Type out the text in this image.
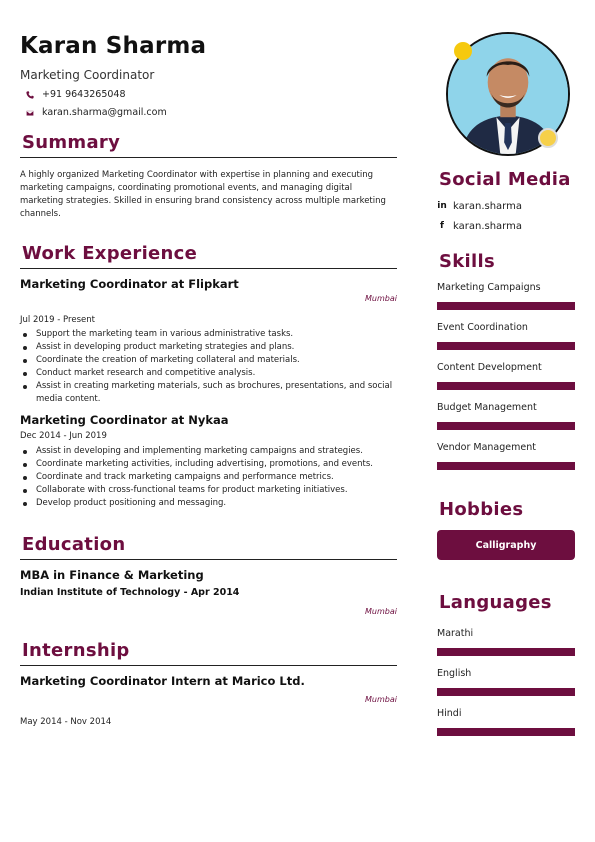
Karan Sharma
Marketing Coordinator
+91 9643265048
karan.sharma@gmail.com
Summary
A highly organized Marketing Coordinator with expertise in planning and executing marketing campaigns, coordinating promotional events, and managing digital marketing strategies. Skilled in ensuring brand consistency across multiple marketing channels.
Work Experience
Marketing Coordinator at Flipkart
Mumbai
Jul 2019 - Present
Support the marketing team in various administrative tasks.
Assist in developing product marketing strategies and plans.
Coordinate the creation of marketing collateral and materials.
Conduct market research and competitive analysis.
Assist in creating marketing materials, such as brochures, presentations, and social media content.
Marketing Coordinator at Nykaa
Dec 2014 - Jun 2019
Assist in developing and implementing marketing campaigns and strategies.
Coordinate marketing activities, including advertising, promotions, and events.
Coordinate and track marketing campaigns and performance metrics.
Collaborate with cross-functional teams for product marketing initiatives.
Develop product positioning and messaging.
Education
MBA in Finance & Marketing
Indian Institute of Technology - Apr 2014
Mumbai
Internship
Marketing Coordinator Intern at Marico Ltd.
Mumbai
May 2014 - Nov 2014
Social Media
in karan.sharma
f karan.sharma
Skills
Marketing Campaigns
Event Coordination
Content Development
Budget Management
Vendor Management
Hobbies
Calligraphy
Languages
Marathi
English
Hindi
